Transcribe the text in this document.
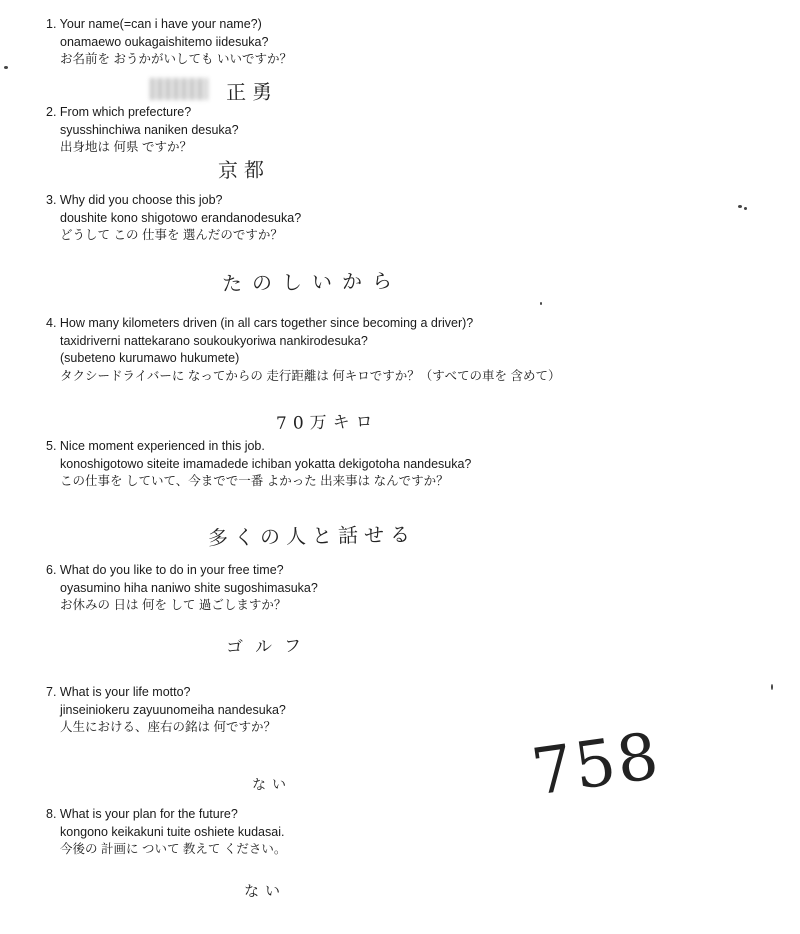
1. Your name(=can i have your name?)
onamaewo oukagaishitemo iidesuka?
お名前を おうかがいしても いいですか？
正勇
2. From which prefecture?
syusshinchiwa naniken desuka?
出身地は 何県 ですか？
京都
3. Why did you choose this job?
doushite kono shigotowo erandanodesuka?
どうして この 仕事を 選んだのですか？
たのしいから
4. How many kilometers driven (in all cars together since becoming a driver)?
taxidriverni nattekarano soukoukyoriwa nankirodesuka?
(subeteno kurumawo hukumete)
タクシードライバーに なってからの 走行距離は 何キロですか？（すべての車を 含めて）
70万キロ
5. Nice moment experienced in this job.
konoshigotowo siteite imamadede ichiban yokatta dekigotoha nandesuka?
この仕事を していて、今までで一番 よかった 出来事は なんですか？
多くの人と話せる
6. What do you like to do in your free time?
oyasumino hiha naniwo shite sugoshimasuka?
お休みの 日は 何を して 過ごしますか？
ゴルフ
7. What is your life motto?
jinseiniokeru zayuunomeiha nandesuka?
人生における、座右の銘は 何ですか？
ない	758
8. What is your plan for the future?
kongono keikakuni tuite oshiete kudasai.
今後の 計画に ついて 教えて ください。
ない
